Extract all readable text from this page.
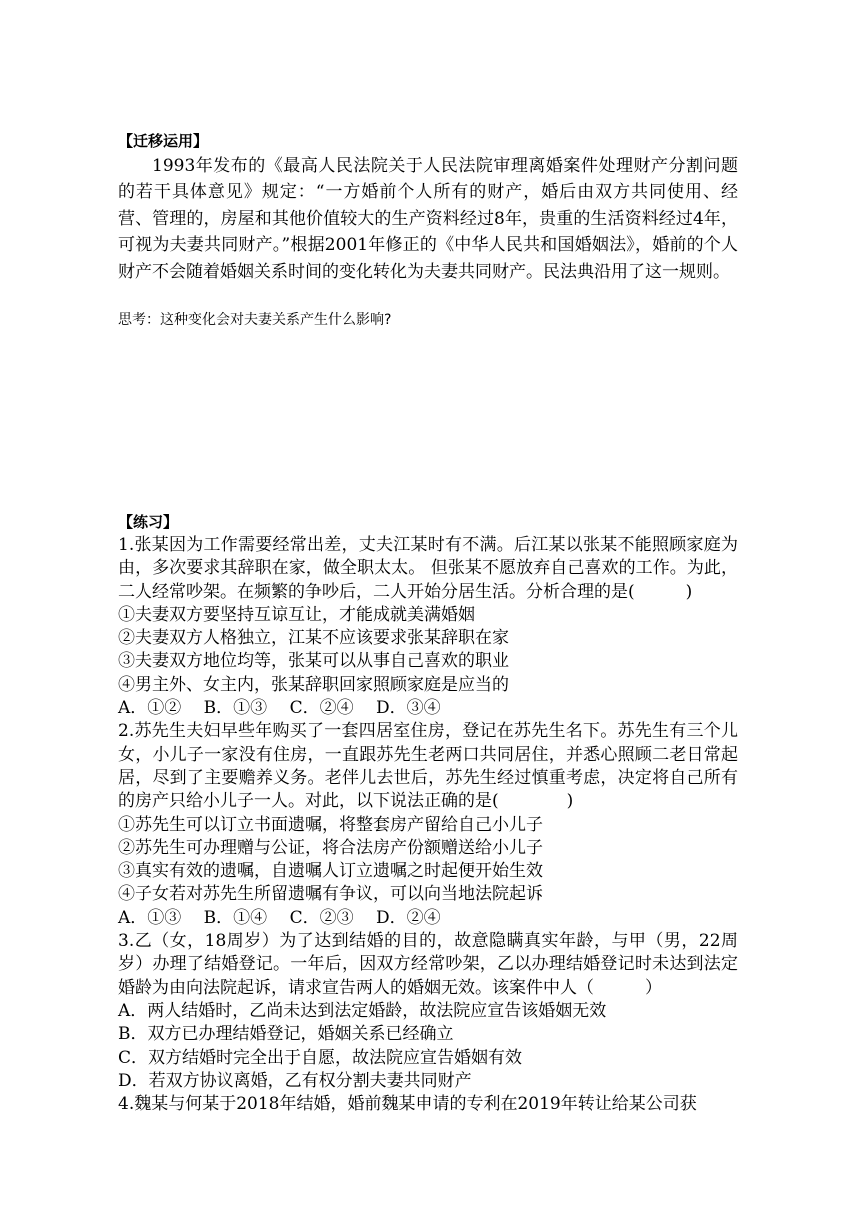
【迁移运用】
1993年发布的《最高人民法院关于人民法院审理离婚案件处理财产分割问题的若干具体意见》规定：“一方婚前个人所有的财产，婚后由双方共同使用、经营、管理的，房屋和其他价值较大的生产资料经过8年，贵重的生活资料经过4年，可视为夫妻共同财产。”根据2001年修正的《中华人民共和国婚姻法》，婚前的个人财产不会随着婚姻关系时间的变化转化为夫妻共同财产。民法典沿用了这一规则。
思考：这种变化会对夫妻关系产生什么影响?
【练习】
1.张某因为工作需要经常出差，丈夫江某时有不满。后江某以张某不能照顾家庭为由，多次要求其辞职在家，做全职太太。 但张某不愿放弃自己喜欢的工作。为此，二人经常吵架。在频繁的争吵后，二人开始分居生活。分析合理的是(　　　)
①夫妻双方要坚持互谅互让，才能成就美满婚姻
②夫妻双方人格独立，江某不应该要求张某辞职在家
③夫妻双方地位均等，张某可以从事自己喜欢的职业
④男主外、女主内，张某辞职回家照顾家庭是应当的
A．①②　 B．①③　 C．②④　 D．③④
2.苏先生夫妇早些年购买了一套四居室住房，登记在苏先生名下。苏先生有三个儿女，小儿子一家没有住房，一直跟苏先生老两口共同居住，并悉心照顾二老日常起居，尽到了主要赡养义务。老伴儿去世后，苏先生经过慎重考虑，决定将自己所有的房产只给小儿子一人。对此，以下说法正确的是(　　　　)
①苏先生可以订立书面遗嘱，将整套房产留给自己小儿子
②苏先生可办理赠与公证，将合法房产份额赠送给小儿子
③真实有效的遗嘱，自遗嘱人订立遗嘱之时起便开始生效
④子女若对苏先生所留遗嘱有争议，可以向当地法院起诉
A．①③　 B．①④　 C．②③　 D．②④
3.乙（女，18周岁）为了达到结婚的目的，故意隐瞒真实年龄，与甲（男，22周岁）办理了结婚登记。一年后，因双方经常吵架，乙以办理结婚登记时未达到法定婚龄为由向法院起诉，请求宣告两人的婚姻无效。该案件中人（　　　）
A．两人结婚时，乙尚未达到法定婚龄，故法院应宣告该婚姻无效
B．双方已办理结婚登记，婚姻关系已经确立
C．双方结婚时完全出于自愿，故法院应宣告婚姻有效
D．若双方协议离婚，乙有权分割夫妻共同财产
4.魏某与何某于2018年结婚，婚前魏某申请的专利在2019年转让给某公司获
